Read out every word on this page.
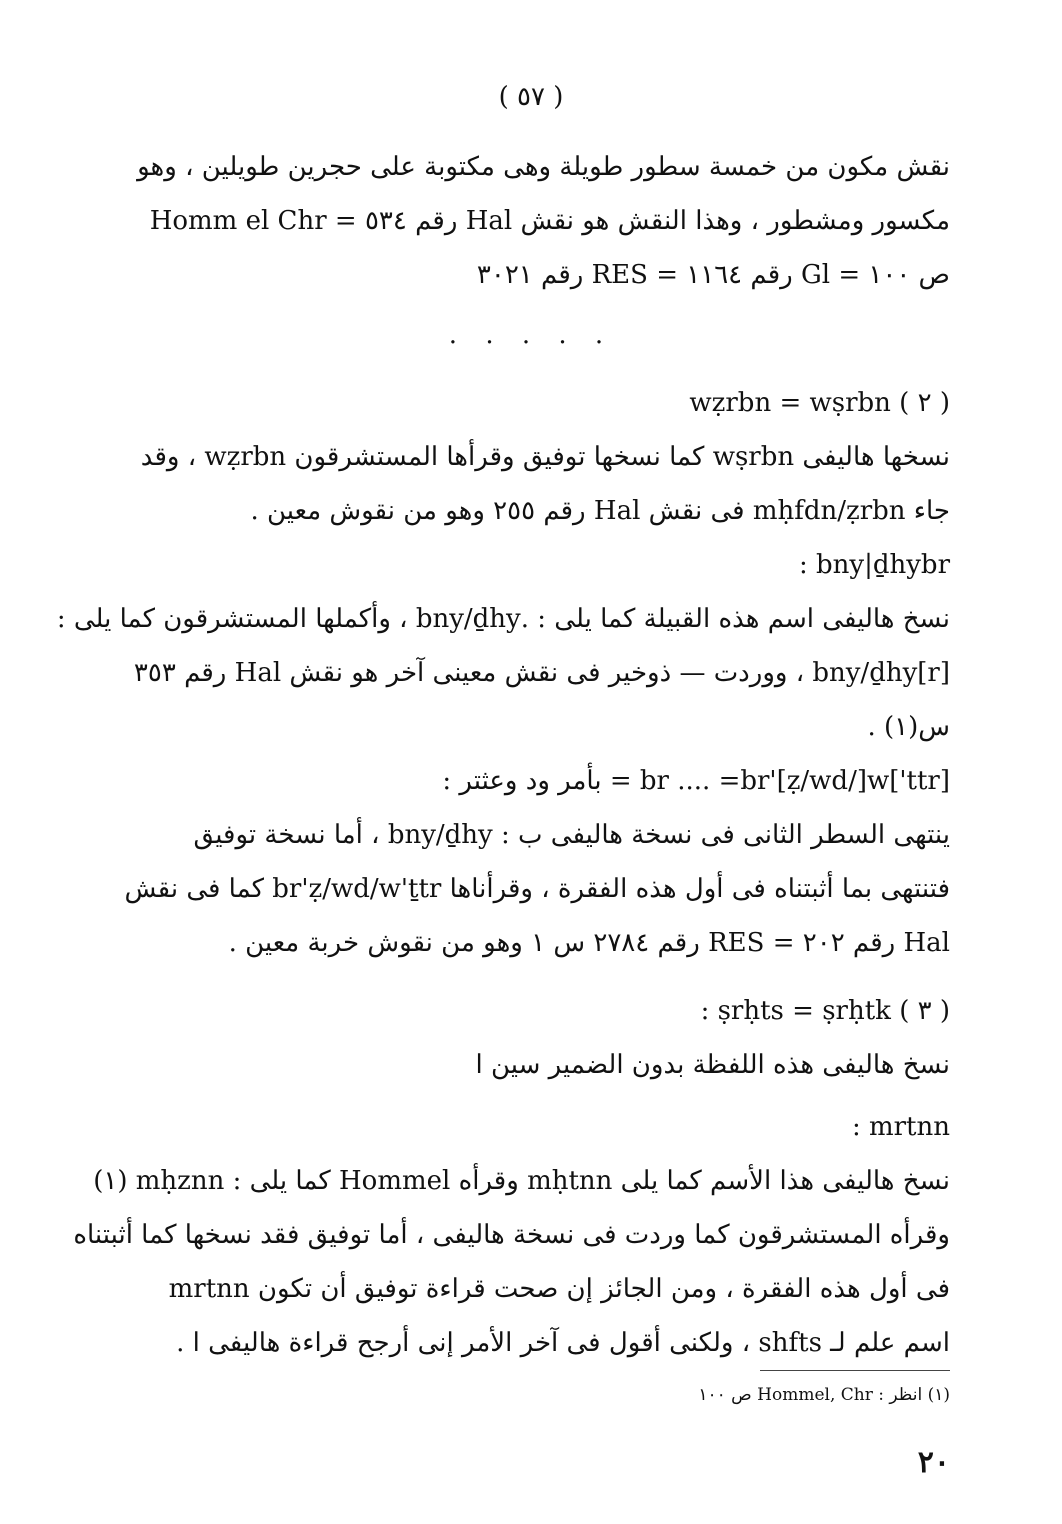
( ٥٧ )
نقش مكون من خمسة سطور طويلة وهى مكتوبة على حجرين طويلين ، وهو
مكسور ومشطور ، وهذا النقش هو نقش Hal رقم ٥٣٤ = Homm el Chr
ص ١٠٠ = Gl رقم ١١٦٤ = RES رقم ٣٠٢١
. . . . .
wẓrbn = wṣrbn ( ٢ )
نسخها هاليفى wṣrbn كما نسخها توفيق وقرأها المستشرقون wẓrbn ، وقد
جاء mḥfdn/ẓrbn فى نقش Hal رقم ٢٥٥ وهو من نقوش معين .
: bny|ḏhybr
نسخ هاليفى اسم هذه القبيلة كما يلى : .bny/ḏhy ، وأكملها المستشرقون كما يلى :
bny/ḏhy[r] ، ووردت — ذوخير فى نقش معينى آخر هو نقش Hal رقم ٣٥٣
س(١) .
br .... =br'[ẓ/wd/]w['ttr] = بأمر ود وعثتر :
ينتهى السطر الثانى فى نسخة هاليفى ب : bny/ḏhy ، أما نسخة توفيق
فتنتهى بما أثبتناه فى أول هذه الفقرة ، وقرأناها br'ẓ/wd/w'ṯtr كما فى نقش
Hal رقم ٢٠٢ = RES رقم ٢٧٨٤ س ١ وهو من نقوش خربة معين .
: ṣrḥts = ṣrḥtk ( ٣ )
نسخ هاليفى هذه اللفظة بدون الضمير سين ا
: mrtnn
نسخ هاليفى هذا الأسم كما يلى mḥtnn وقرأه Hommel كما يلى : mḥznn (١)
وقرأه المستشرقون كما وردت فى نسخة هاليفى ، أما توفيق فقد نسخها كما أثبتناه
فى أول هذه الفقرة ، ومن الجائز إن صحت قراءة توفيق أن تكون mrtnn
اسم علم لـ shfts ، ولكنى أقول فى آخر الأمر إنى أرجح قراءة هاليفى ا .
(١) انظر : Hommel, Chr ص ١٠٠
٢٠
